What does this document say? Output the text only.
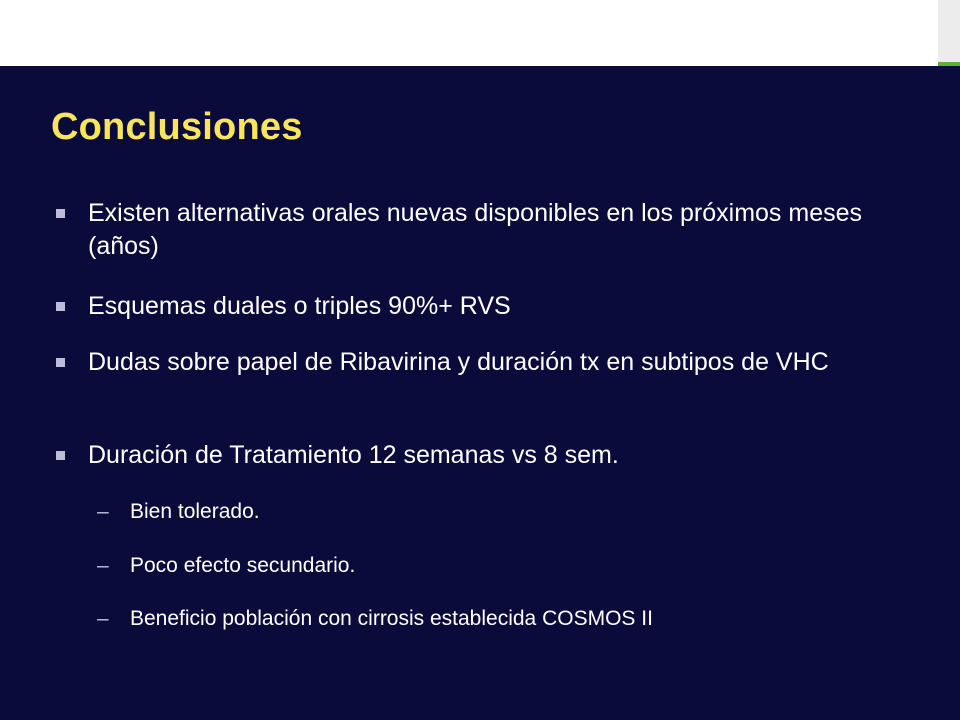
Conclusiones
Existen alternativas orales nuevas disponibles en los próximos meses (años)
Esquemas duales o triples 90%+ RVS
Dudas sobre papel de Ribavirina y duración tx en subtipos de VHC
Duración de Tratamiento 12 semanas vs 8 sem.
– Bien tolerado.
– Poco efecto secundario.
– Beneficio población con cirrosis establecida COSMOS II
